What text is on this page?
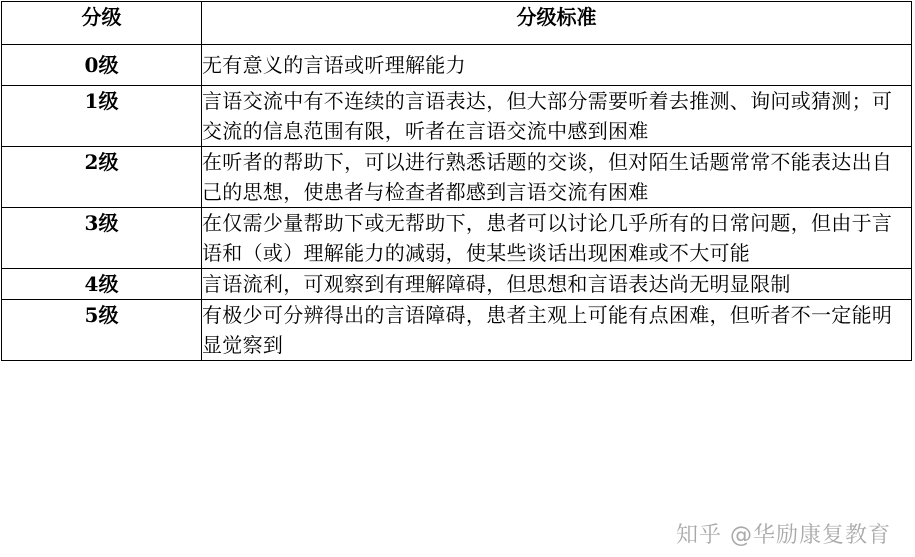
分级	分级标准
0级	无有意义的言语或听理解能力
1级	言语交流中有不连续的言语表达，但大部分需要听着去推测、询问或猜测；可交流的信息范围有限，听者在言语交流中感到困难
2级	在听者的帮助下，可以进行熟悉话题的交谈，但对陌生话题常常不能表达出自己的思想，使患者与检查者都感到言语交流有困难
3级	在仅需少量帮助下或无帮助下，患者可以讨论几乎所有的日常问题，但由于言语和（或）理解能力的减弱，使某些谈话出现困难或不大可能
4级	言语流利，可观察到有理解障碍，但思想和言语表达尚无明显限制
5级	有极少可分辨得出的言语障碍，患者主观上可能有点困难，但听者不一定能明显觉察到
知乎 @华励康复教育
